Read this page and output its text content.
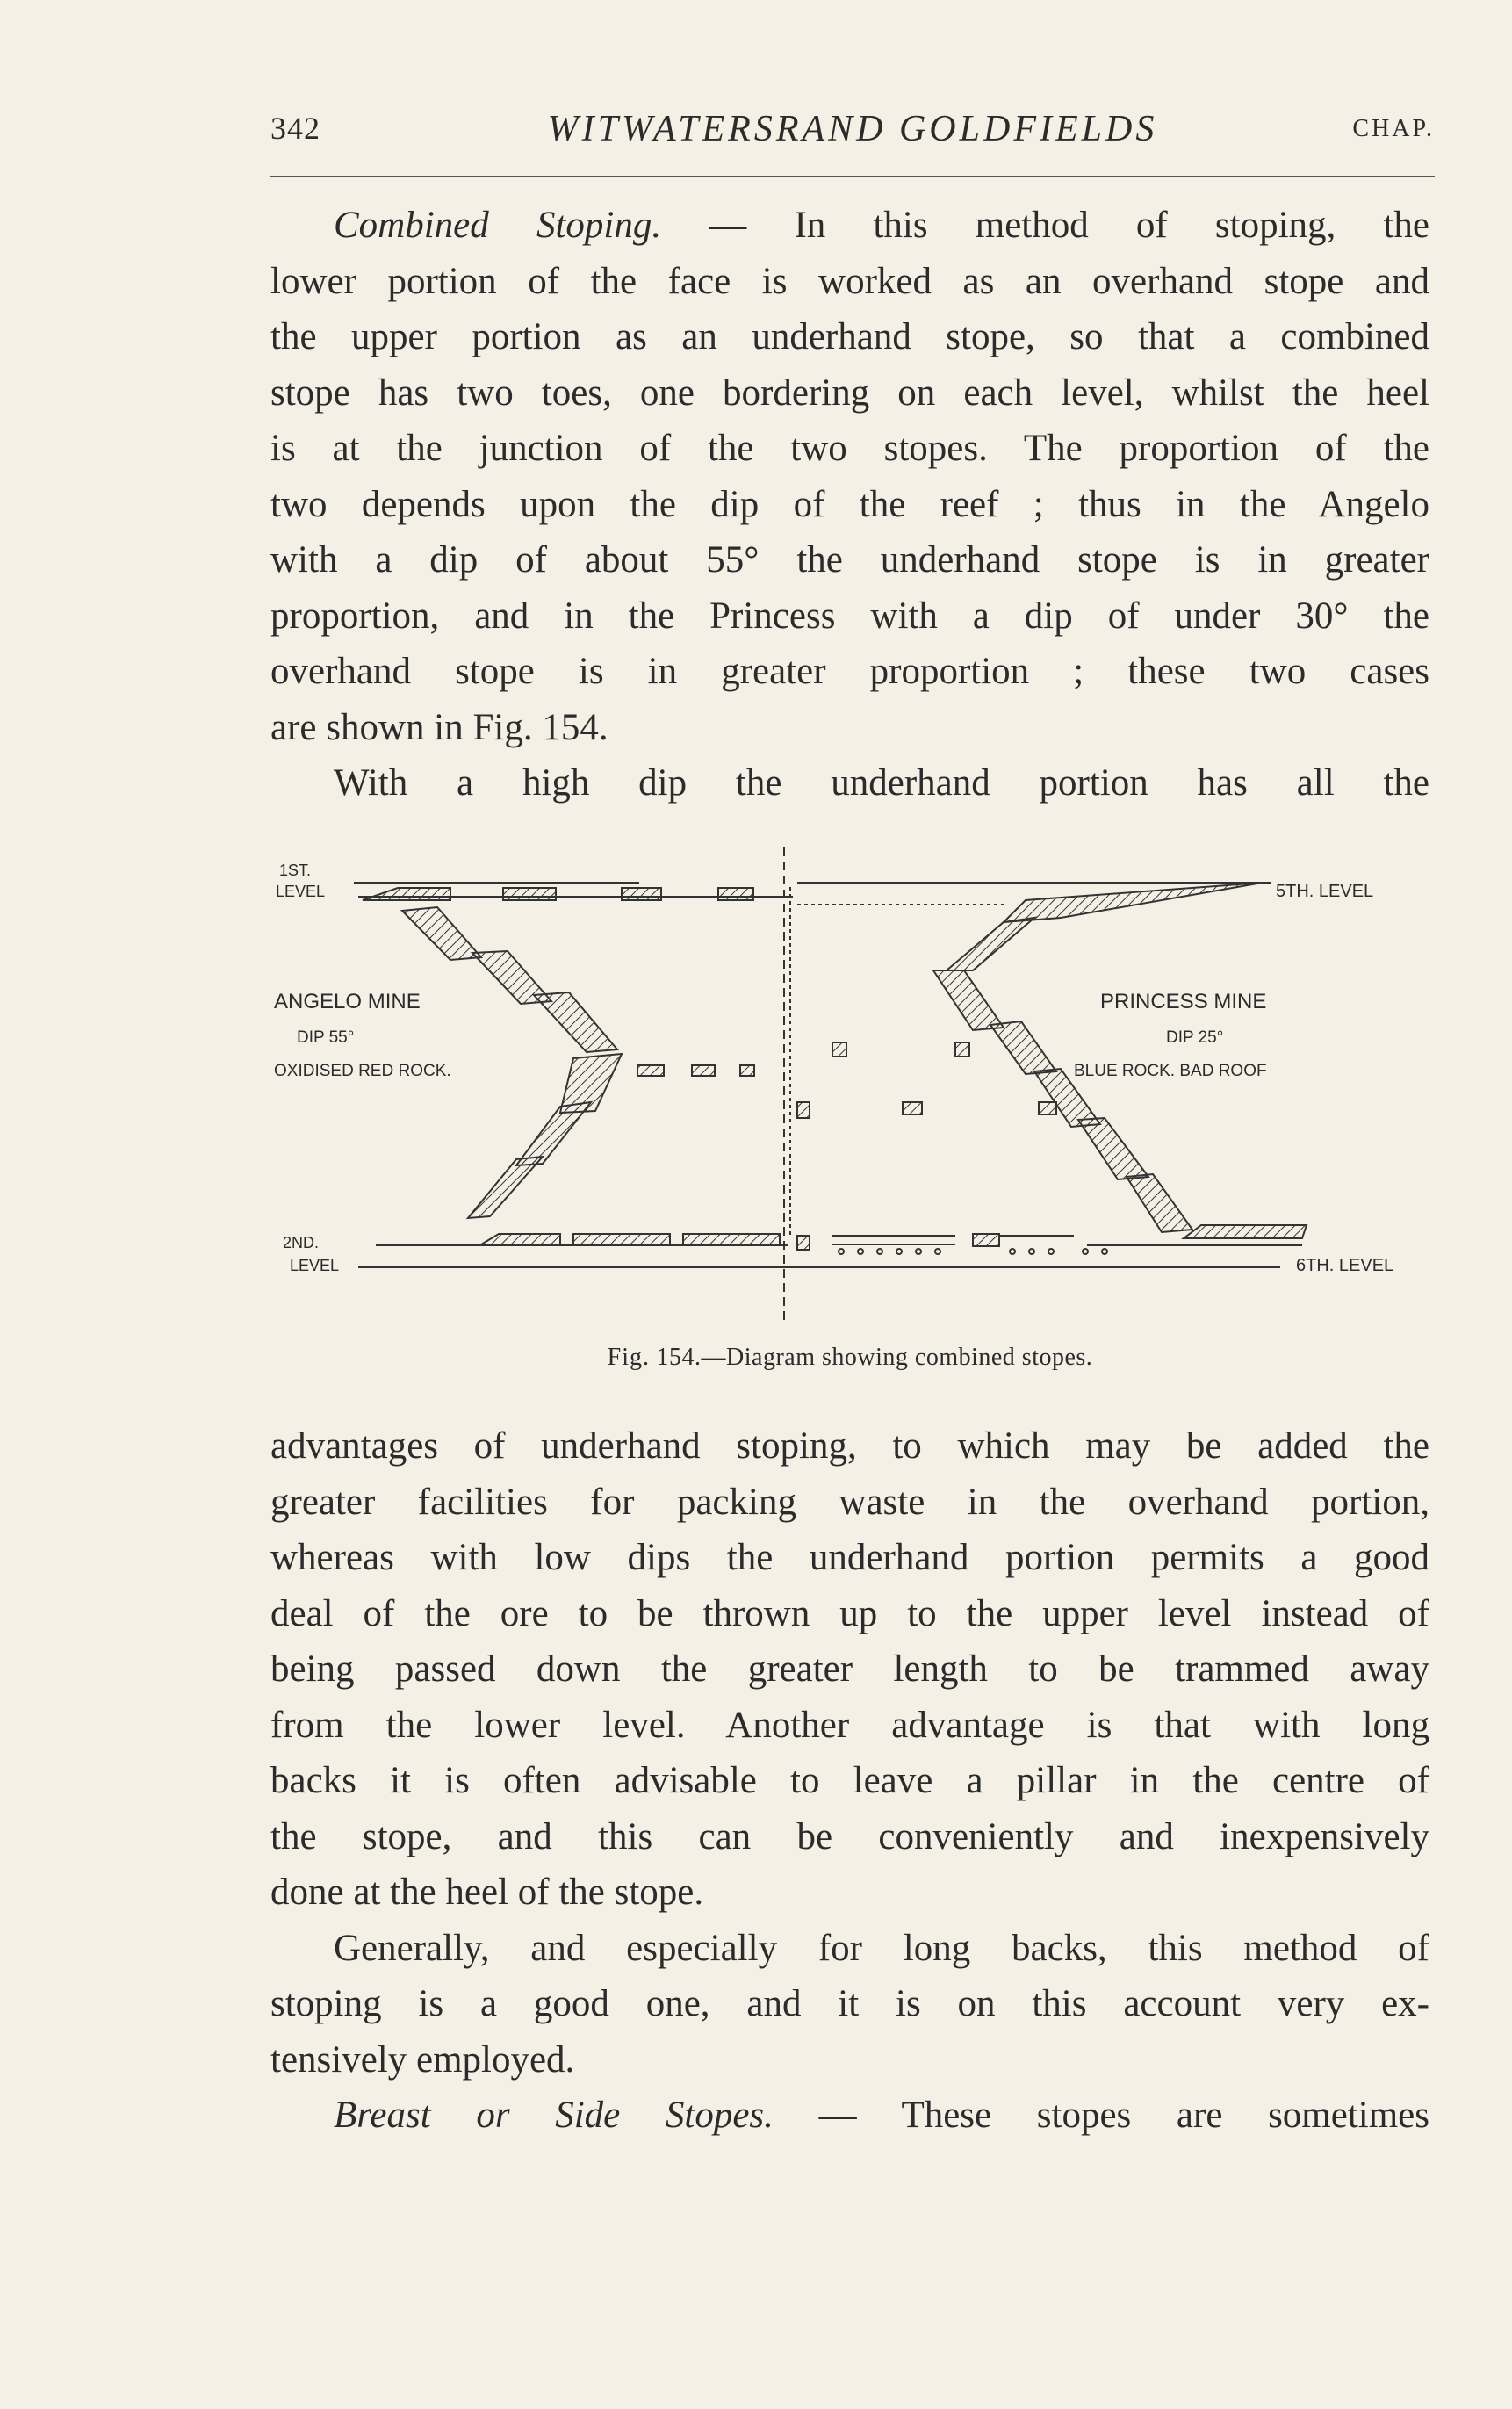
342	WITWATERSRAND GOLDFIELDS	CHAP.
Combined Stoping. — In this method of stoping, the
lower portion of the face is worked as an overhand stope and
the upper portion as an underhand stope, so that a combined
stope has two toes, one bordering on each level, whilst the heel
is at the junction of the two stopes. The proportion of the
two depends upon the dip of the reef ; thus in the Angelo
with a dip of about 55° the underhand stope is in greater
proportion, and in the Princess with a dip of under 30° the
overhand stope is in greater proportion ; these two cases
are shown in Fig. 154.
With a high dip the underhand portion has all the
1ST.
LEVEL	5TH. LEVEL
ANGELO MINE
DIP 55°
OXIDISED RED ROCK.
PRINCESS MINE
DIP 25°
BLUE ROCK. BAD ROOF
2ND.
LEVEL	6TH. LEVEL
Fig. 154.—Diagram showing combined stopes.
advantages of underhand stoping, to which may be added the
greater facilities for packing waste in the overhand portion,
whereas with low dips the underhand portion permits a good
deal of the ore to be thrown up to the upper level instead of
being passed down the greater length to be trammed away
from the lower level. Another advantage is that with long
backs it is often advisable to leave a pillar in the centre of
the stope, and this can be conveniently and inexpensively
done at the heel of the stope.
Generally, and especially for long backs, this method of
stoping is a good one, and it is on this account very ex-
tensively employed.
Breast or Side Stopes. — These stopes are sometimes
